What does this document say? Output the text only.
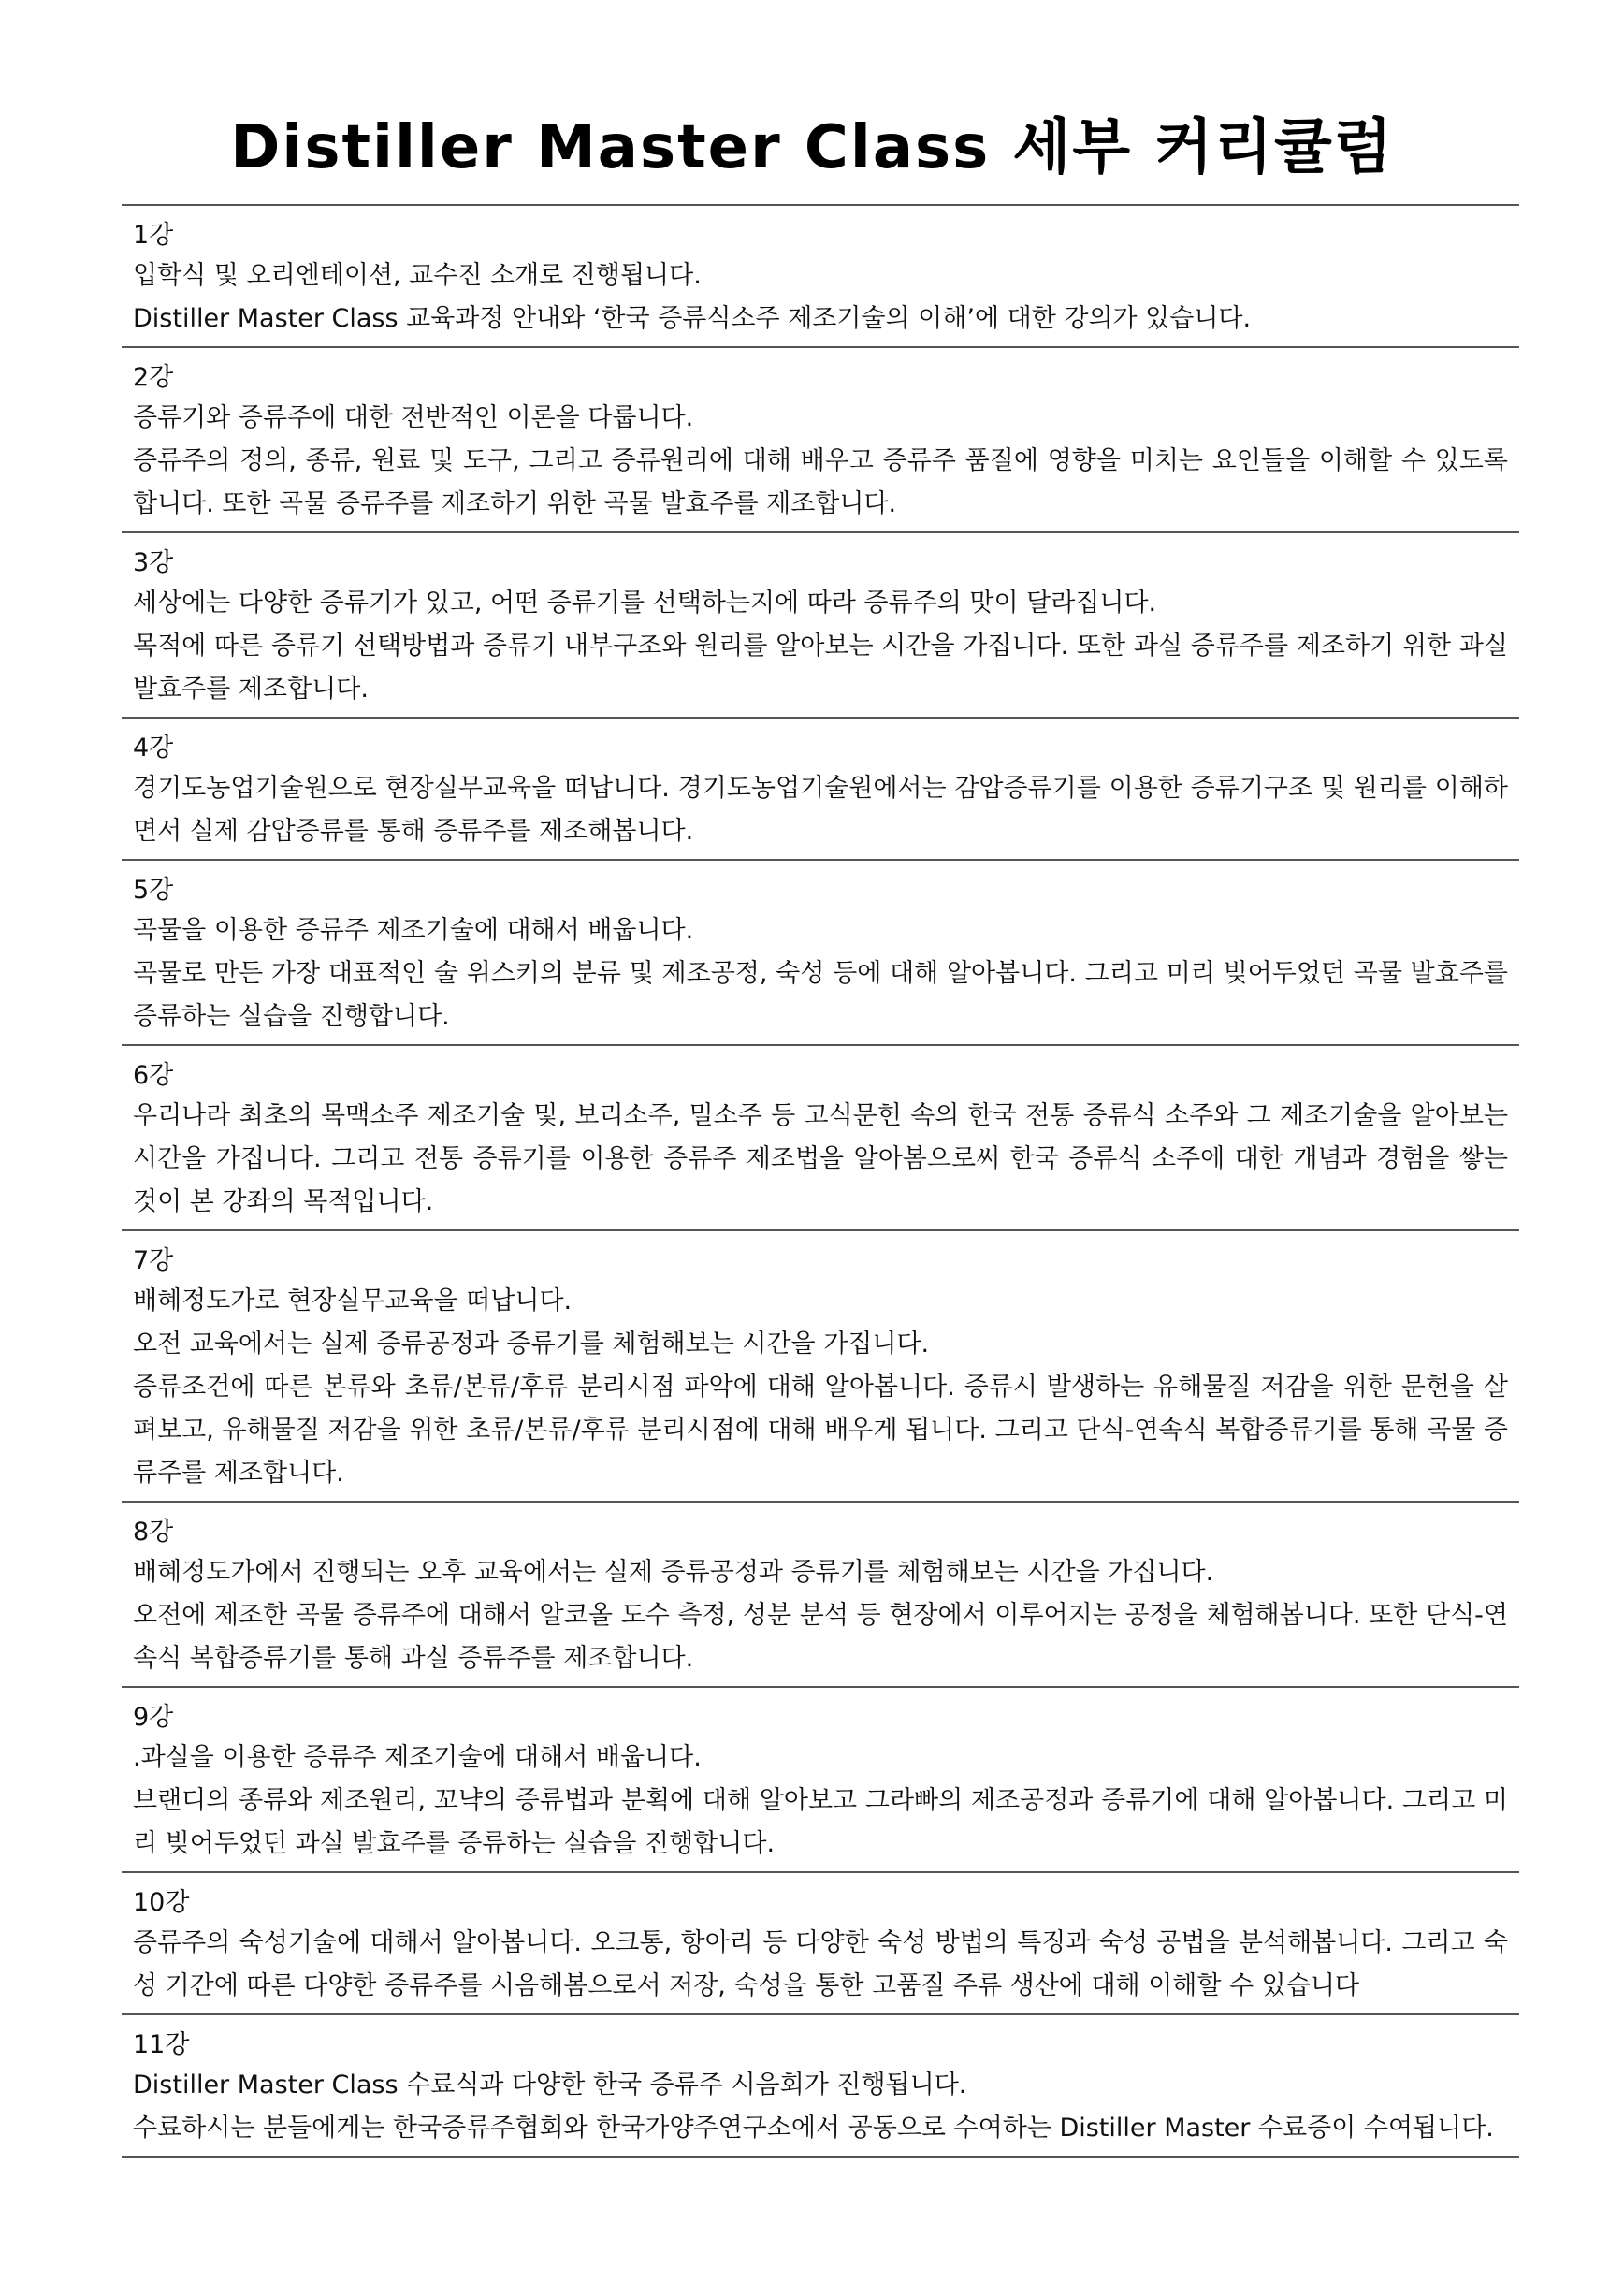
Distiller Master Class 세부 커리큘럼
1강
입학식 및 오리엔테이션, 교수진 소개로 진행됩니다.
Distiller Master Class 교육과정 안내와 ‘한국 증류식소주 제조기술의 이해’에 대한 강의가 있습니다.
2강
증류기와 증류주에 대한 전반적인 이론을 다룹니다.
증류주의 정의, 종류, 원료 및 도구, 그리고 증류원리에 대해 배우고 증류주 품질에 영향을 미치는 요인들을 이해할 수 있도록 합니다. 또한 곡물 증류주를 제조하기 위한 곡물 발효주를 제조합니다.
3강
세상에는 다양한 증류기가 있고, 어떤 증류기를 선택하는지에 따라 증류주의 맛이 달라집니다.
목적에 따른 증류기 선택방법과 증류기 내부구조와 원리를 알아보는 시간을 가집니다. 또한 과실 증류주를 제조하기 위한 과실 발효주를 제조합니다.
4강
경기도농업기술원으로 현장실무교육을 떠납니다. 경기도농업기술원에서는 감압증류기를 이용한 증류기구조 및 원리를 이해하면서 실제 감압증류를 통해 증류주를 제조해봅니다.
5강
곡물을 이용한 증류주 제조기술에 대해서 배웁니다.
곡물로 만든 가장 대표적인 술 위스키의 분류 및 제조공정, 숙성 등에 대해 알아봅니다. 그리고 미리 빚어두었던 곡물 발효주를 증류하는 실습을 진행합니다.
6강
우리나라 최초의 목맥소주 제조기술 및, 보리소주, 밀소주 등 고식문헌 속의 한국 전통 증류식 소주와 그 제조기술을 알아보는 시간을 가집니다. 그리고 전통 증류기를 이용한 증류주 제조법을 알아봄으로써 한국 증류식 소주에 대한 개념과 경험을 쌓는 것이 본 강좌의 목적입니다.
7강
배혜정도가로 현장실무교육을 떠납니다.
오전 교육에서는 실제 증류공정과 증류기를 체험해보는 시간을 가집니다.
증류조건에 따른 본류와 초류/본류/후류 분리시점 파악에 대해 알아봅니다. 증류시 발생하는 유해물질 저감을 위한 문헌을 살펴보고, 유해물질 저감을 위한 초류/본류/후류 분리시점에 대해 배우게 됩니다. 그리고 단식-연속식 복합증류기를 통해 곡물 증류주를 제조합니다.
8강
배혜정도가에서 진행되는 오후 교육에서는 실제 증류공정과 증류기를 체험해보는 시간을 가집니다.
오전에 제조한 곡물 증류주에 대해서 알코올 도수 측정, 성분 분석 등 현장에서 이루어지는 공정을 체험해봅니다. 또한 단식-연속식 복합증류기를 통해 과실 증류주를 제조합니다.
9강
.과실을 이용한 증류주 제조기술에 대해서 배웁니다.
브랜디의 종류와 제조원리, 꼬냑의 증류법과 분획에 대해 알아보고 그라빠의 제조공정과 증류기에 대해 알아봅니다. 그리고 미리 빚어두었던 과실 발효주를 증류하는 실습을 진행합니다.
10강
증류주의 숙성기술에 대해서 알아봅니다. 오크통, 항아리 등 다양한 숙성 방법의 특징과 숙성 공법을 분석해봅니다. 그리고 숙성 기간에 따른 다양한 증류주를 시음해봄으로서 저장, 숙성을 통한 고품질 주류 생산에 대해 이해할 수 있습니다
11강
Distiller Master Class 수료식과 다양한 한국 증류주 시음회가 진행됩니다.
수료하시는 분들에게는 한국증류주협회와 한국가양주연구소에서 공동으로 수여하는 Distiller Master 수료증이 수여됩니다.
